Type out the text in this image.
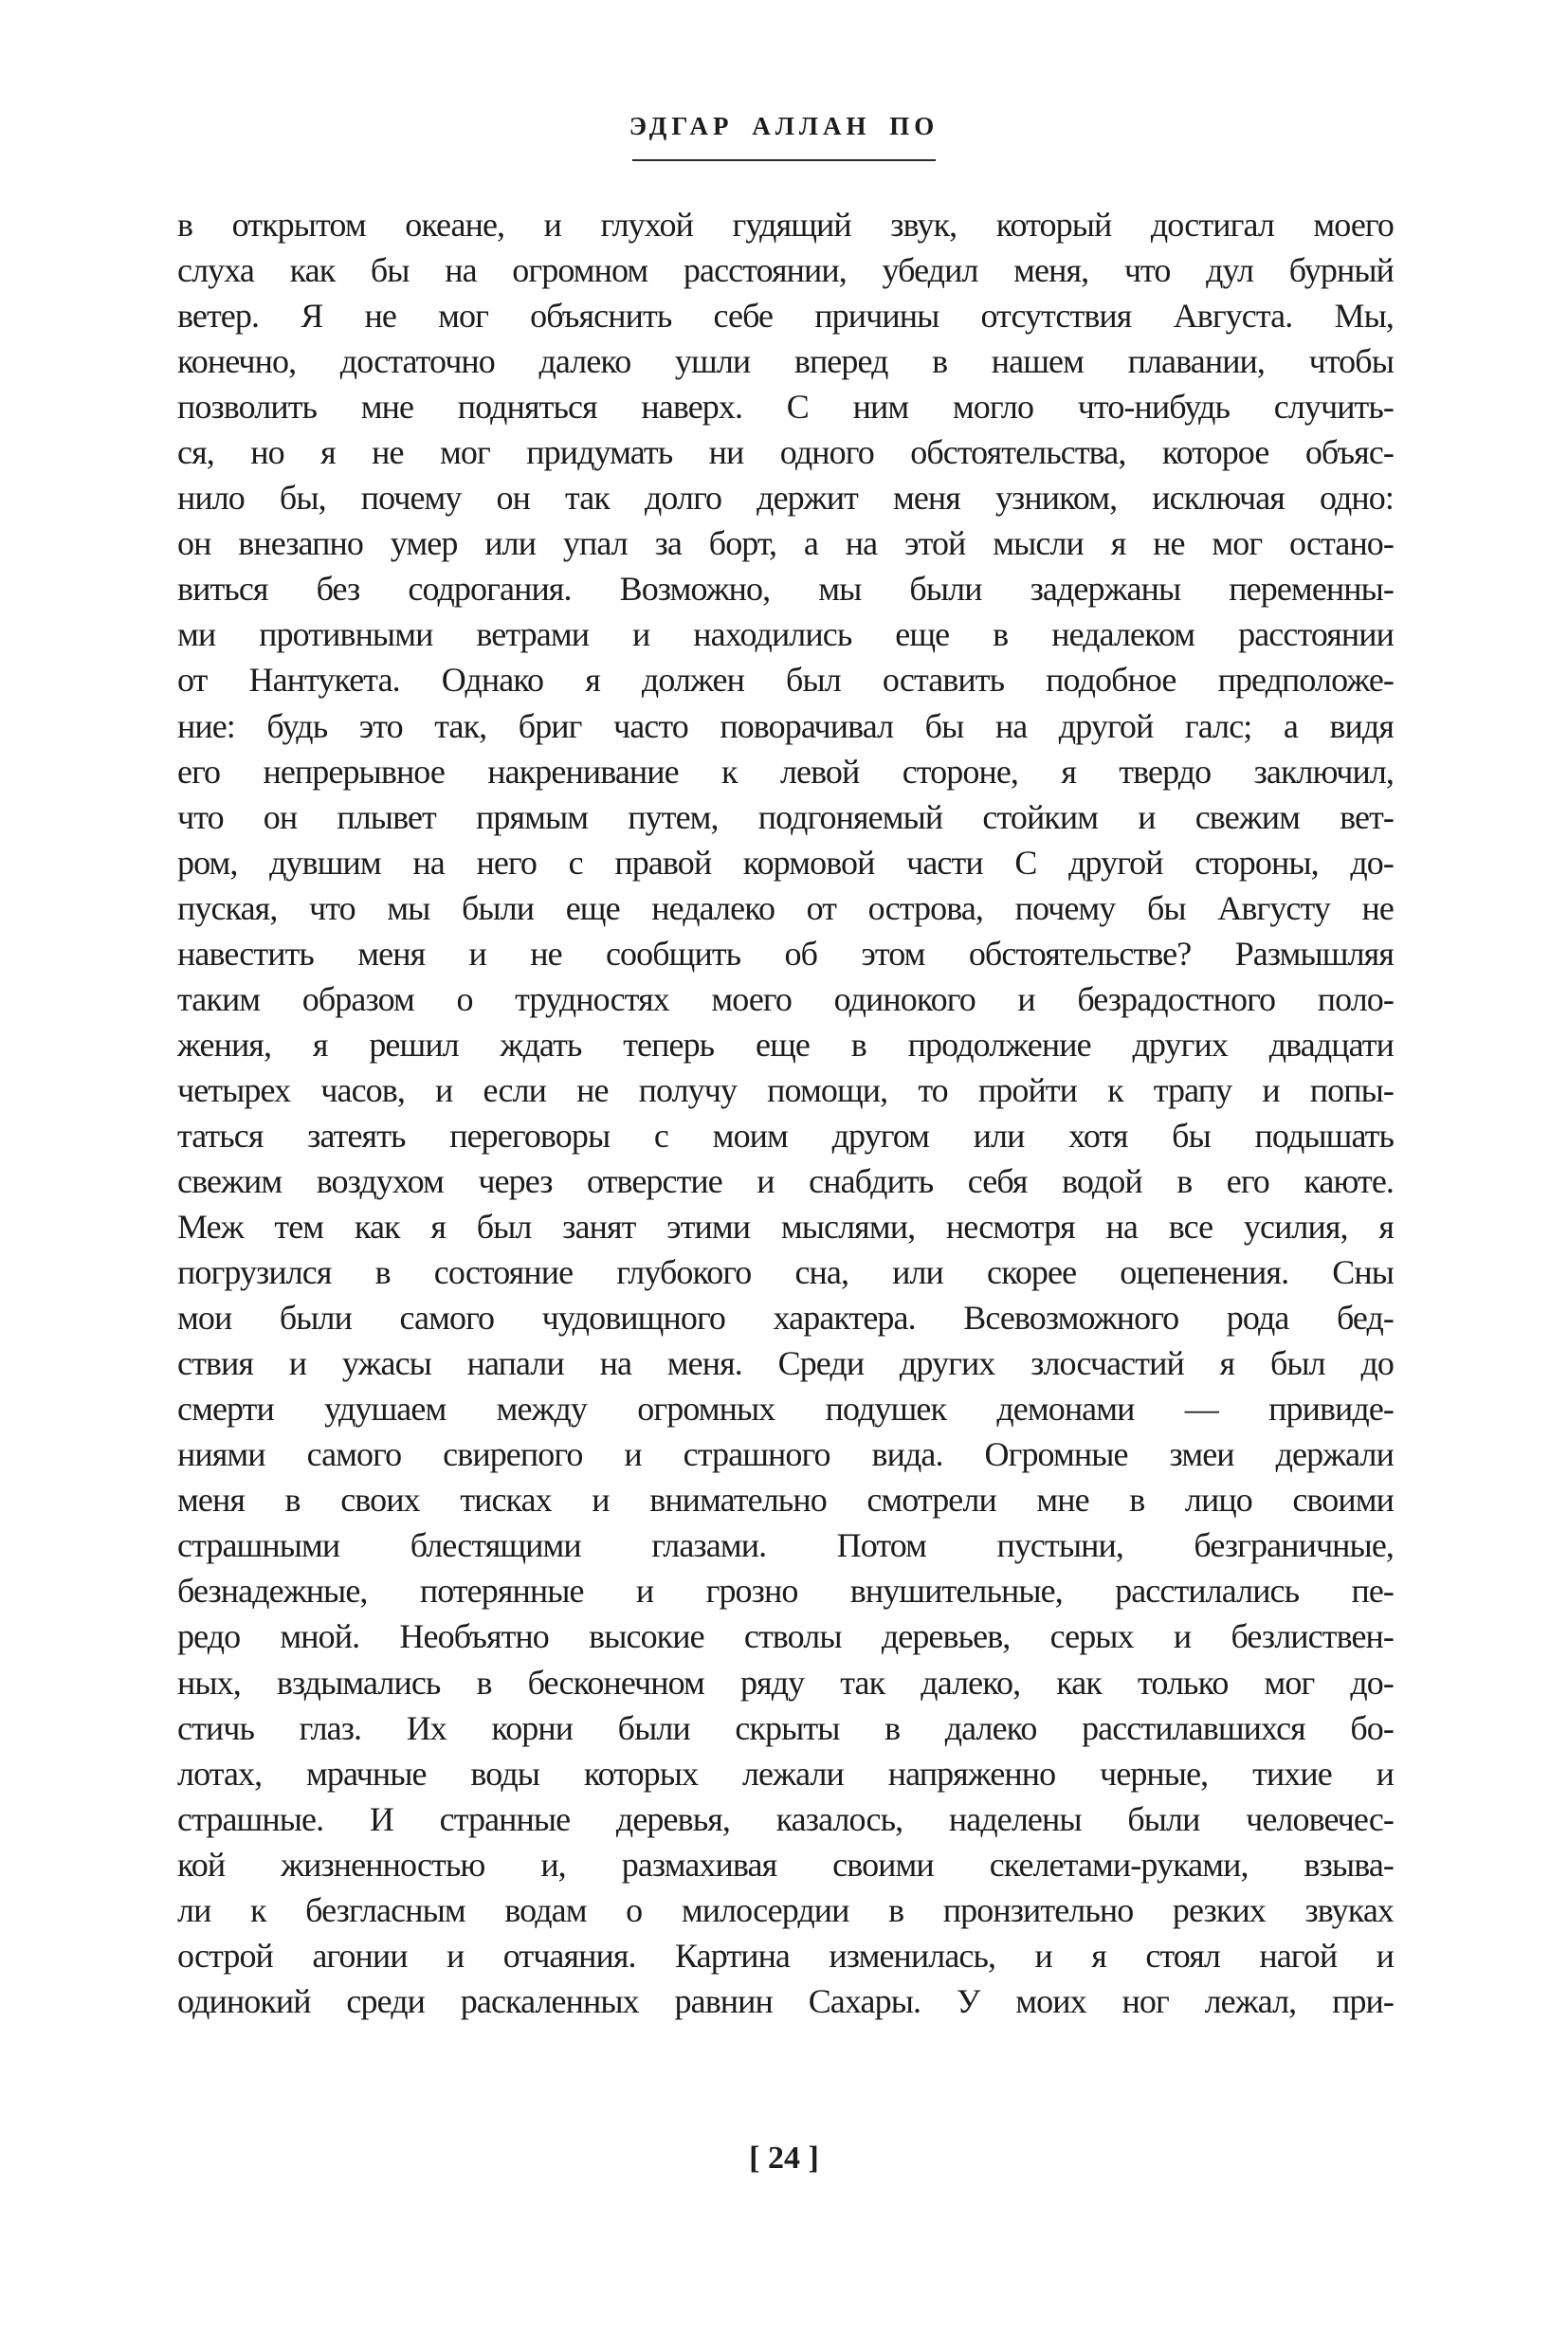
ЭДГАР АЛЛАН ПО
в открытом океане, и глухой гудящий звук, который достигал моего
слуха как бы на огромном расстоянии, убедил меня, что дул бурный
ветер. Я не мог объяснить себе причины отсутствия Августа. Мы,
конечно, достаточно далеко ушли вперед в нашем плавании, чтобы
позволить мне подняться наверх. С ним могло что-нибудь случить-
ся, но я не мог придумать ни одного обстоятельства, которое объяс-
нило бы, почему он так долго держит меня узником, исключая одно:
он внезапно умер или упал за борт, а на этой мысли я не мог остано-
виться без содрогания. Возможно, мы были задержаны переменны-
ми противными ветрами и находились еще в недалеком расстоянии
от Нантукета. Однако я должен был оставить подобное предположе-
ние: будь это так, бриг часто поворачивал бы на другой галс; а видя
его непрерывное накренивание к левой стороне, я твердо заключил,
что он плывет прямым путем, подгоняемый стойким и свежим вет-
ром, дувшим на него с правой кормовой части С другой стороны, до-
пуская, что мы были еще недалеко от острова, почему бы Августу не
навестить меня и не сообщить об этом обстоятельстве? Размышляя
таким образом о трудностях моего одинокого и безрадостного поло-
жения, я решил ждать теперь еще в продолжение других двадцати
четырех часов, и если не получу помощи, то пройти к трапу и попы-
таться затеять переговоры с моим другом или хотя бы подышать
свежим воздухом через отверстие и снабдить себя водой в его каюте.
Меж тем как я был занят этими мыслями, несмотря на все усилия, я
погрузился в состояние глубокого сна, или скорее оцепенения. Сны
мои были самого чудовищного характера. Всевозможного рода бед-
ствия и ужасы напали на меня. Среди других злосчастий я был до
смерти удушаем между огромных подушек демонами — привиде-
ниями самого свирепого и страшного вида. Огромные змеи держали
меня в своих тисках и внимательно смотрели мне в лицо своими
страшными блестящими глазами. Потом пустыни, безграничные,
безнадежные, потерянные и грозно внушительные, расстилались пе-
редо мной. Необъятно высокие стволы деревьев, серых и безлиствен-
ных, вздымались в бесконечном ряду так далеко, как только мог до-
стичь глаз. Их корни были скрыты в далеко расстилавшихся бо-
лотах, мрачные воды которых лежали напряженно черные, тихие и
страшные. И странные деревья, казалось, наделены были человечес-
кой жизненностью и, размахивая своими скелетами-руками, взыва-
ли к безгласным водам о милосердии в пронзительно резких звуках
острой агонии и отчаяния. Картина изменилась, и я стоял нагой и
одинокий среди раскаленных равнин Сахары. У моих ног лежал, при-
[ 24 ]
